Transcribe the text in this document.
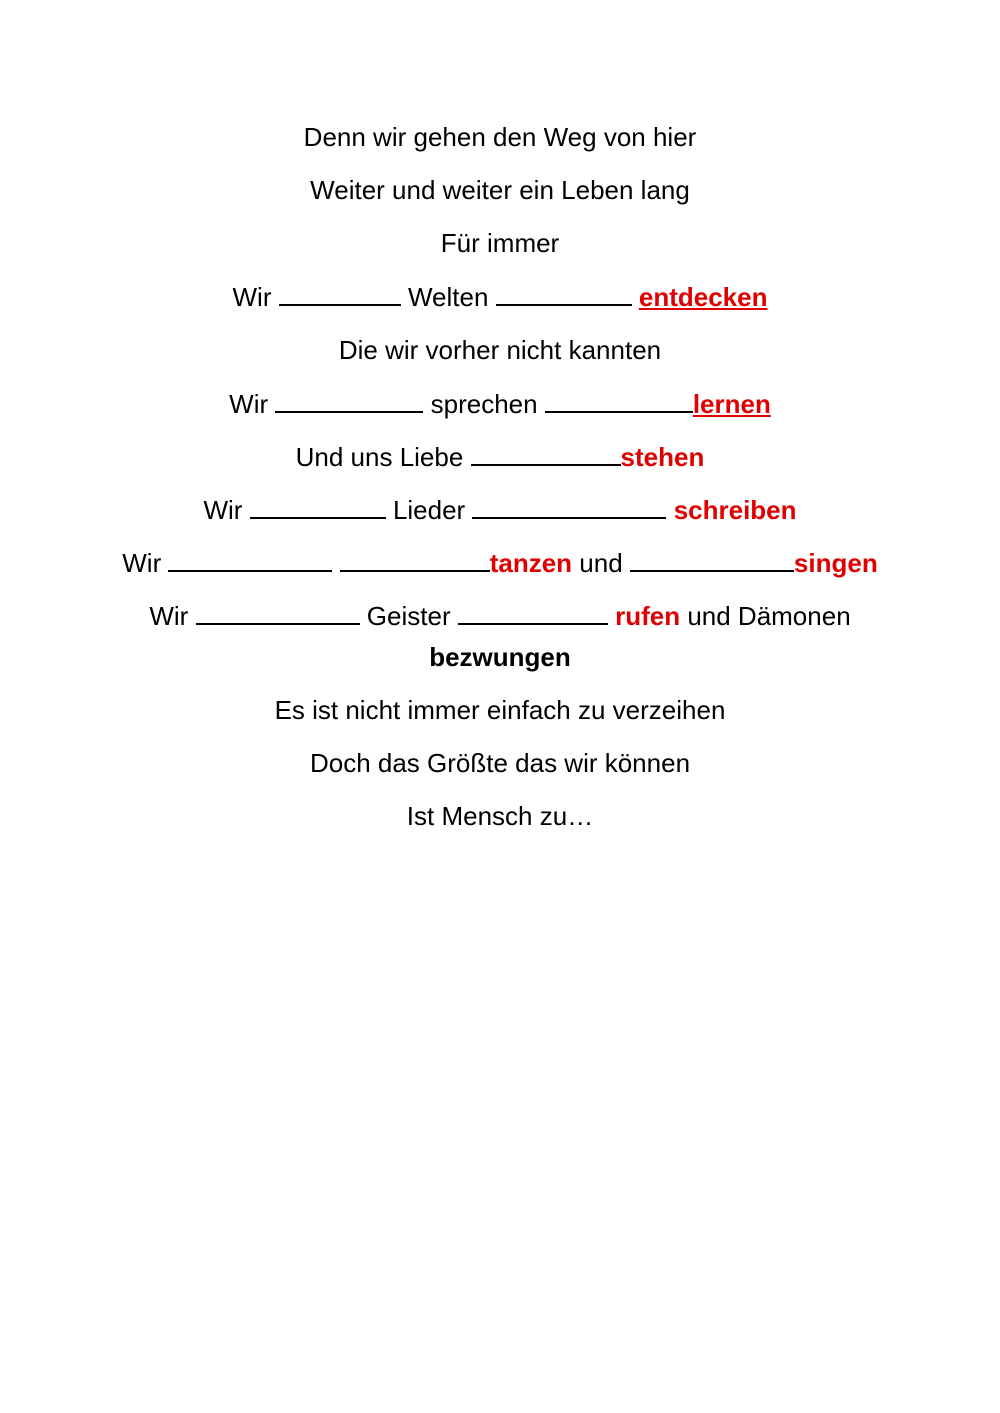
Denn wir gehen den Weg von hier
Weiter und weiter ein Leben lang
Für immer
Wir	Welten	entdecken
Die wir vorher nicht kannten
Wir	sprechen	lernen
Und uns Liebe	stehen
Wir	Lieder	schreiben
Wir	tanzen und	singen
Wir	Geister	rufen und Dämonen
bezwungen
Es ist nicht immer einfach zu verzeihen
Doch das Größte das wir können
Ist Mensch zu…
